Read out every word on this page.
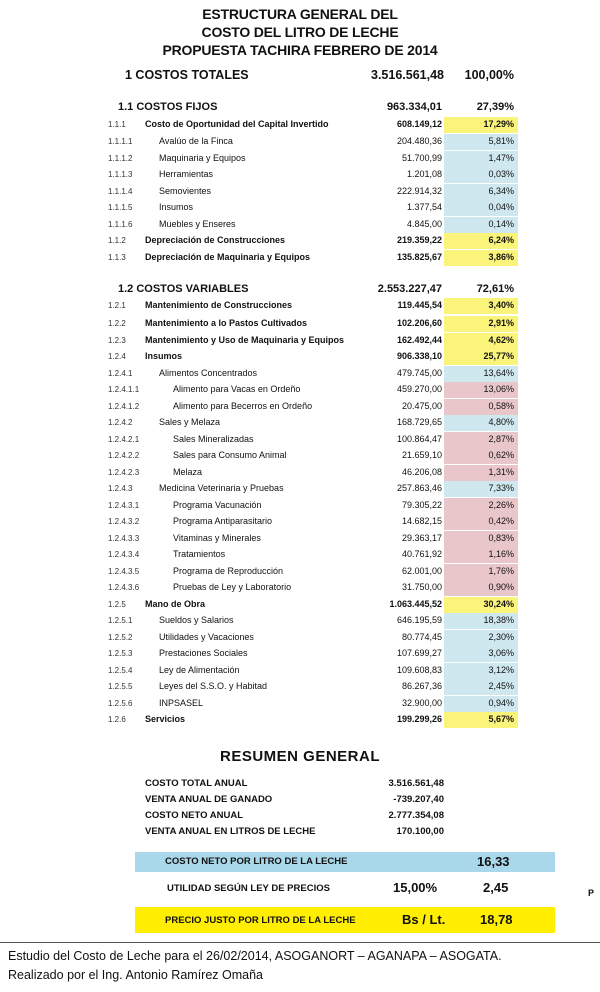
ESTRUCTURA GENERAL DEL
COSTO DEL LITRO DE LECHE
PROPUESTA TACHIRA FEBRERO DE 2014
1 COSTOS TOTALES	3.516.561,48	100,00%
1.1 COSTOS FIJOS	963.334,01	27,39%
1.1.1 Costo de Oportunidad del Capital Invertido	608.149,12	17,29%
1.1.1.1	Avalúo de la Finca	204.480,36	5,81%
1.1.1.2	Maquinaria y Equipos	51.700,99	1,47%
1.1.1.3	Herramientas	1.201,08	0,03%
1.1.1.4	Semovientes	222.914,32	6,34%
1.1.1.5	Insumos	1.377,54	0,04%
1.1.1.6	Muebles y Enseres	4.845,00	0,14%
1.1.2 Depreciación de Construcciones	219.359,22	6,24%
1.1.3 Depreciación de Maquinaria y Equipos	135.825,67	3,86%
1.2 COSTOS VARIABLES	2.553.227,47	72,61%
1.2.1 Mantenimiento de Construcciones	119.445,54	3,40%
1.2.2 Mantenimiento a lo Pastos Cultivados	102.206,60	2,91%
1.2.3 Mantenimiento y Uso de Maquinaria y Equipos	162.492,44	4,62%
1.2.4 Insumos	906.338,10	25,77%
1.2.4.1	Alimentos Concentrados	479.745,00	13,64%
1.2.4.1.1	Alimento para Vacas en Ordeño	459.270,00	13,06%
1.2.4.1.2	Alimento para Becerros en Ordeño	20.475,00	0,58%
1.2.4.2	Sales y Melaza	168.729,65	4,80%
1.2.4.2.1	Sales Mineralizadas	100.864,47	2,87%
1.2.4.2.2	Sales para Consumo Animal	21.659,10	0,62%
1.2.4.2.3	Melaza	46.206,08	1,31%
1.2.4.3	Medicina Veterinaria y Pruebas	257.863,46	7,33%
1.2.4.3.1	Programa Vacunación	79.305,22	2,26%
1.2.4.3.2	Programa Antiparasitario	14.682,15	0,42%
1.2.4.3.3	Vitaminas y Minerales	29.363,17	0,83%
1.2.4.3.4	Tratamientos	40.761,92	1,16%
1.2.4.3.5	Programa de Reproducción	62.001,00	1,76%
1.2.4.3.6	Pruebas de Ley y Laboratorio	31.750,00	0,90%
1.2.5 Mano de Obra	1.063.445,52	30,24%
1.2.5.1	Sueldos y Salarios	646.195,59	18,38%
1.2.5.2	Utilidades y Vacaciones	80.774,45	2,30%
1.2.5.3	Prestaciones Sociales	107.699,27	3,06%
1.2.5.4	Ley de Alimentación	109.608,83	3,12%
1.2.5.5	Leyes del S.S.O. y Habitad	86.267,36	2,45%
1.2.5.6	INPSASEL	32.900,00	0,94%
1.2.6 Servicios	199.299,26	5,67%
RESUMEN GENERAL
COSTO TOTAL ANUAL	3.516.561,48
VENTA ANUAL DE GANADO	-739.207,40
COSTO NETO ANUAL	2.777.354,08
VENTA ANUAL EN LITROS DE LECHE	170.100,00
COSTO NETO POR LITRO DE LA LECHE	16,33
UTILIDAD SEGÚN LEY DE PRECIOS	15,00%	2,45	P
PRECIO JUSTO POR LITRO DE LA LECHE	Bs / Lt.	18,78
Estudio del Costo de Leche para el 26/02/2014, ASOGANORT – AGANAPA – ASOGATA.
Realizado por el Ing. Antonio Ramírez Omaña
